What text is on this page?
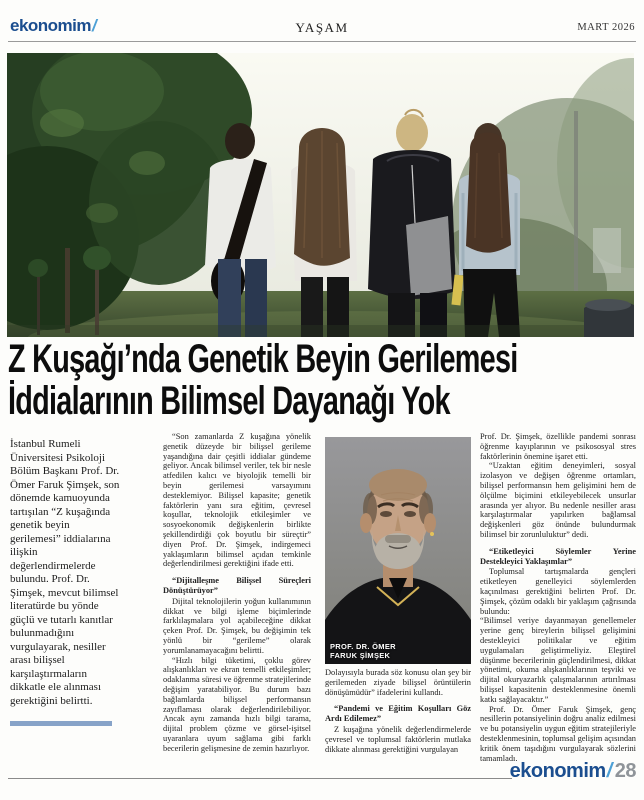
ekonomim/	YAŞAM	MART 2026
Z Kuşağı’nda Genetik Beyin Gerilemesi
İddialarının Bilimsel Dayanağı Yok

İstanbul Rumeli Üniversitesi Psikoloji Bölüm Başkanı Prof. Dr. Ömer Faruk Şimşek, son dönemde kamuoyunda tartışılan “Z kuşağında genetik beyin gerilemesi” iddialarına ilişkin değerlendirmelerde bulundu. Prof. Dr. Şimşek, mevcut bilimsel literatürde bu yönde güçlü ve tutarlı kanıtlar bulunmadığını vurgulayarak, nesiller arası bilişsel karşılaştırmaların dikkatle ele alınması gerektiğini belirtti.

“Son zamanlarda Z kuşağına yönelik genetik düzeyde bir bilişsel gerileme yaşandığına dair çeşitli iddialar gündeme geliyor. Ancak bilimsel veriler, tek bir nesle atfedilen kalıcı ve biyolojik temelli bir beyin gerilemesi varsayımını desteklemiyor. Bilişsel kapasite; genetik faktörlerin yanı sıra eğitim, çevresel koşullar, teknolojik etkileşimler ve sosyoekonomik değişkenlerin birlikte şekillendirdiği çok boyutlu bir süreçtir” diyen Prof. Dr. Şimşek, indirgemeci yaklaşımların bilimsel açıdan temkinle değerlendirilmesi gerektiğini ifade etti.

“Dijitalleşme Bilişsel Süreçleri Dönüştürüyor”

Dijital teknolojilerin yoğun kullanımının dikkat ve bilgi işleme biçimlerinde farklılaşmalara yol açabileceğine dikkat çeken Prof. Dr. Şimşek, bu değişimin tek yönlü bir “gerileme” olarak yorumlanamayacağını belirtti.

“Hızlı bilgi tüketimi, çoklu görev alışkanlıkları ve ekran temelli etkileşimler; odaklanma süresi ve öğrenme stratejilerinde değişim yaratabiliyor. Bu durum bazı bağlamlarda bilişsel performansın zayıflaması olarak değerlendirilebiliyor. Ancak aynı zamanda hızlı bilgi tarama, dijital problem çözme ve görsel-işitsel uyaranlara uyum sağlama gibi farklı becerilerin gelişmesine de zemin hazırlıyor.

PROF. DR. ÖMER
FARUK ŞİMŞEK

Dolayısıyla burada söz konusu olan şey bir gerilemeden ziyade bilişsel örüntülerin dönüşümüdür” ifadelerini kullandı.

“Pandemi ve Eğitim Koşulları Göz Ardı Edilemez”

Z kuşağına yönelik değerlendirmelerde çevresel ve toplumsal faktörlerin mutlaka dikkate alınması gerektiğini vurgulayan

Prof. Dr. Şimşek, özellikle pandemi sonrası öğrenme kayıplarının ve psikososyal stres faktörlerinin önemine işaret etti.

“Uzaktan eğitim deneyimleri, sosyal izolasyon ve değişen öğrenme ortamları, bilişsel performansın hem gelişimini hem de ölçülme biçimini etkileyebilecek unsurlar arasında yer alıyor. Bu nedenle nesiller arası karşılaştırmalar yapılırken bağlamsal değişkenleri göz önünde bulundurmak bilimsel bir zorunluluktur” dedi.

“Etiketleyici Söylemler Yerine Destekleyici Yaklaşımlar”

Toplumsal tartışmalarda gençleri etiketleyen genelleyici söylemlerden kaçınılması gerektiğini belirten Prof. Dr. Şimşek, çözüm odaklı bir yaklaşım çağrısında bulundu:

“Bilimsel veriye dayanmayan genellemeler yerine genç bireylerin bilişsel gelişimini destekleyici politikalar ve eğitim uygulamaları geliştirmeliyiz. Eleştirel düşünme becerilerinin güçlendirilmesi, dikkat yönetimi, okuma alışkanlıklarının teşviki ve dijital okuryazarlık çalışmalarının artırılması bilişsel kapasitenin desteklenmesine önemli katkı sağlayacaktır.”

Prof. Dr. Ömer Faruk Şimşek, genç nesillerin potansiyelinin doğru analiz edilmesi ve bu potansiyelin uygun eğitim stratejileriyle desteklenmesinin, toplumsal gelişim açısından kritik önem taşıdığını vurgulayarak sözlerini tamamladı.

ekonomim / 28
